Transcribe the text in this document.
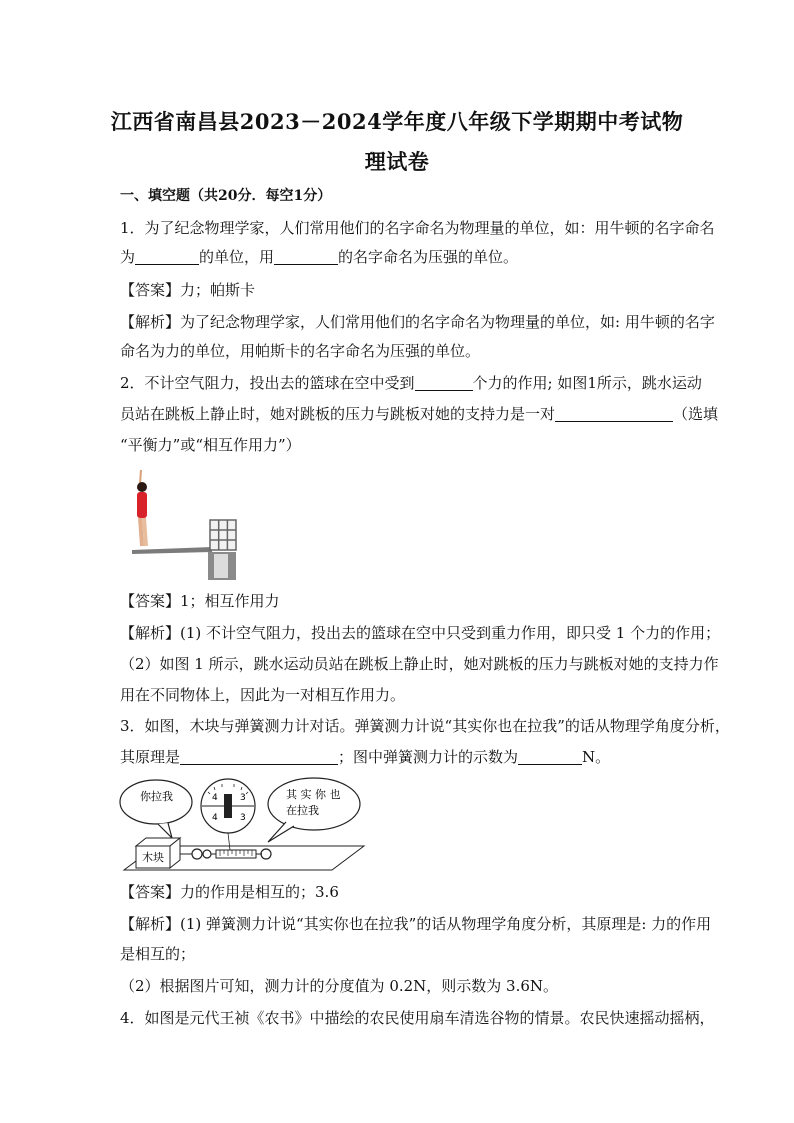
江西省南昌县2023－2024学年度八年级下学期期中考试物
理试卷
一、填空题（共20分．每空1分）
1．为了纪念物理学家，人们常用他们的名字命名为物理量的单位，如：用牛顿的名字命名
为	的单位，用	的名字命名为压强的单位。
【答案】力；帕斯卡
【解析】为了纪念物理学家，人们常用他们的名字命名为物理量的单位，如: 用牛顿的名字
命名为力的单位，用帕斯卡的名字命名为压强的单位。
2．不计空气阻力，投出去的篮球在空中受到	个力的作用; 如图1所示，跳水运动
员站在跳板上静止时，她对跳板的压力与跳板对她的支持力是一对	（选填
“平衡力”或“相互作用力”）
【答案】1；相互作用力
【解析】(1) 不计空气阻力，投出去的篮球在空中只受到重力作用，即只受 1 个力的作用；
（2）如图 1 所示，跳水运动员站在跳板上静止时，她对跳板的压力与跳板对她的支持力作
用在不同物体上，因此为一对相互作用力。
3．如图，木块与弹簧测力计对话。弹簧测力计说“其实你也在拉我”的话从物理学角度分析，
其原理是	；图中弹簧测力计的示数为	N。
你拉我	4 3
4 3
其 实 你 也
在拉我
木块
【答案】力的作用是相互的；3.6
【解析】(1) 弹簧测力计说“其实你也在拉我”的话从物理学角度分析，其原理是: 力的作用
是相互的；
（2）根据图片可知，测力计的分度值为 0.2N，则示数为 3.6N。
4．如图是元代王祯《农书》中描绘的农民使用扇车清选谷物的情景。农民快速摇动摇柄，
